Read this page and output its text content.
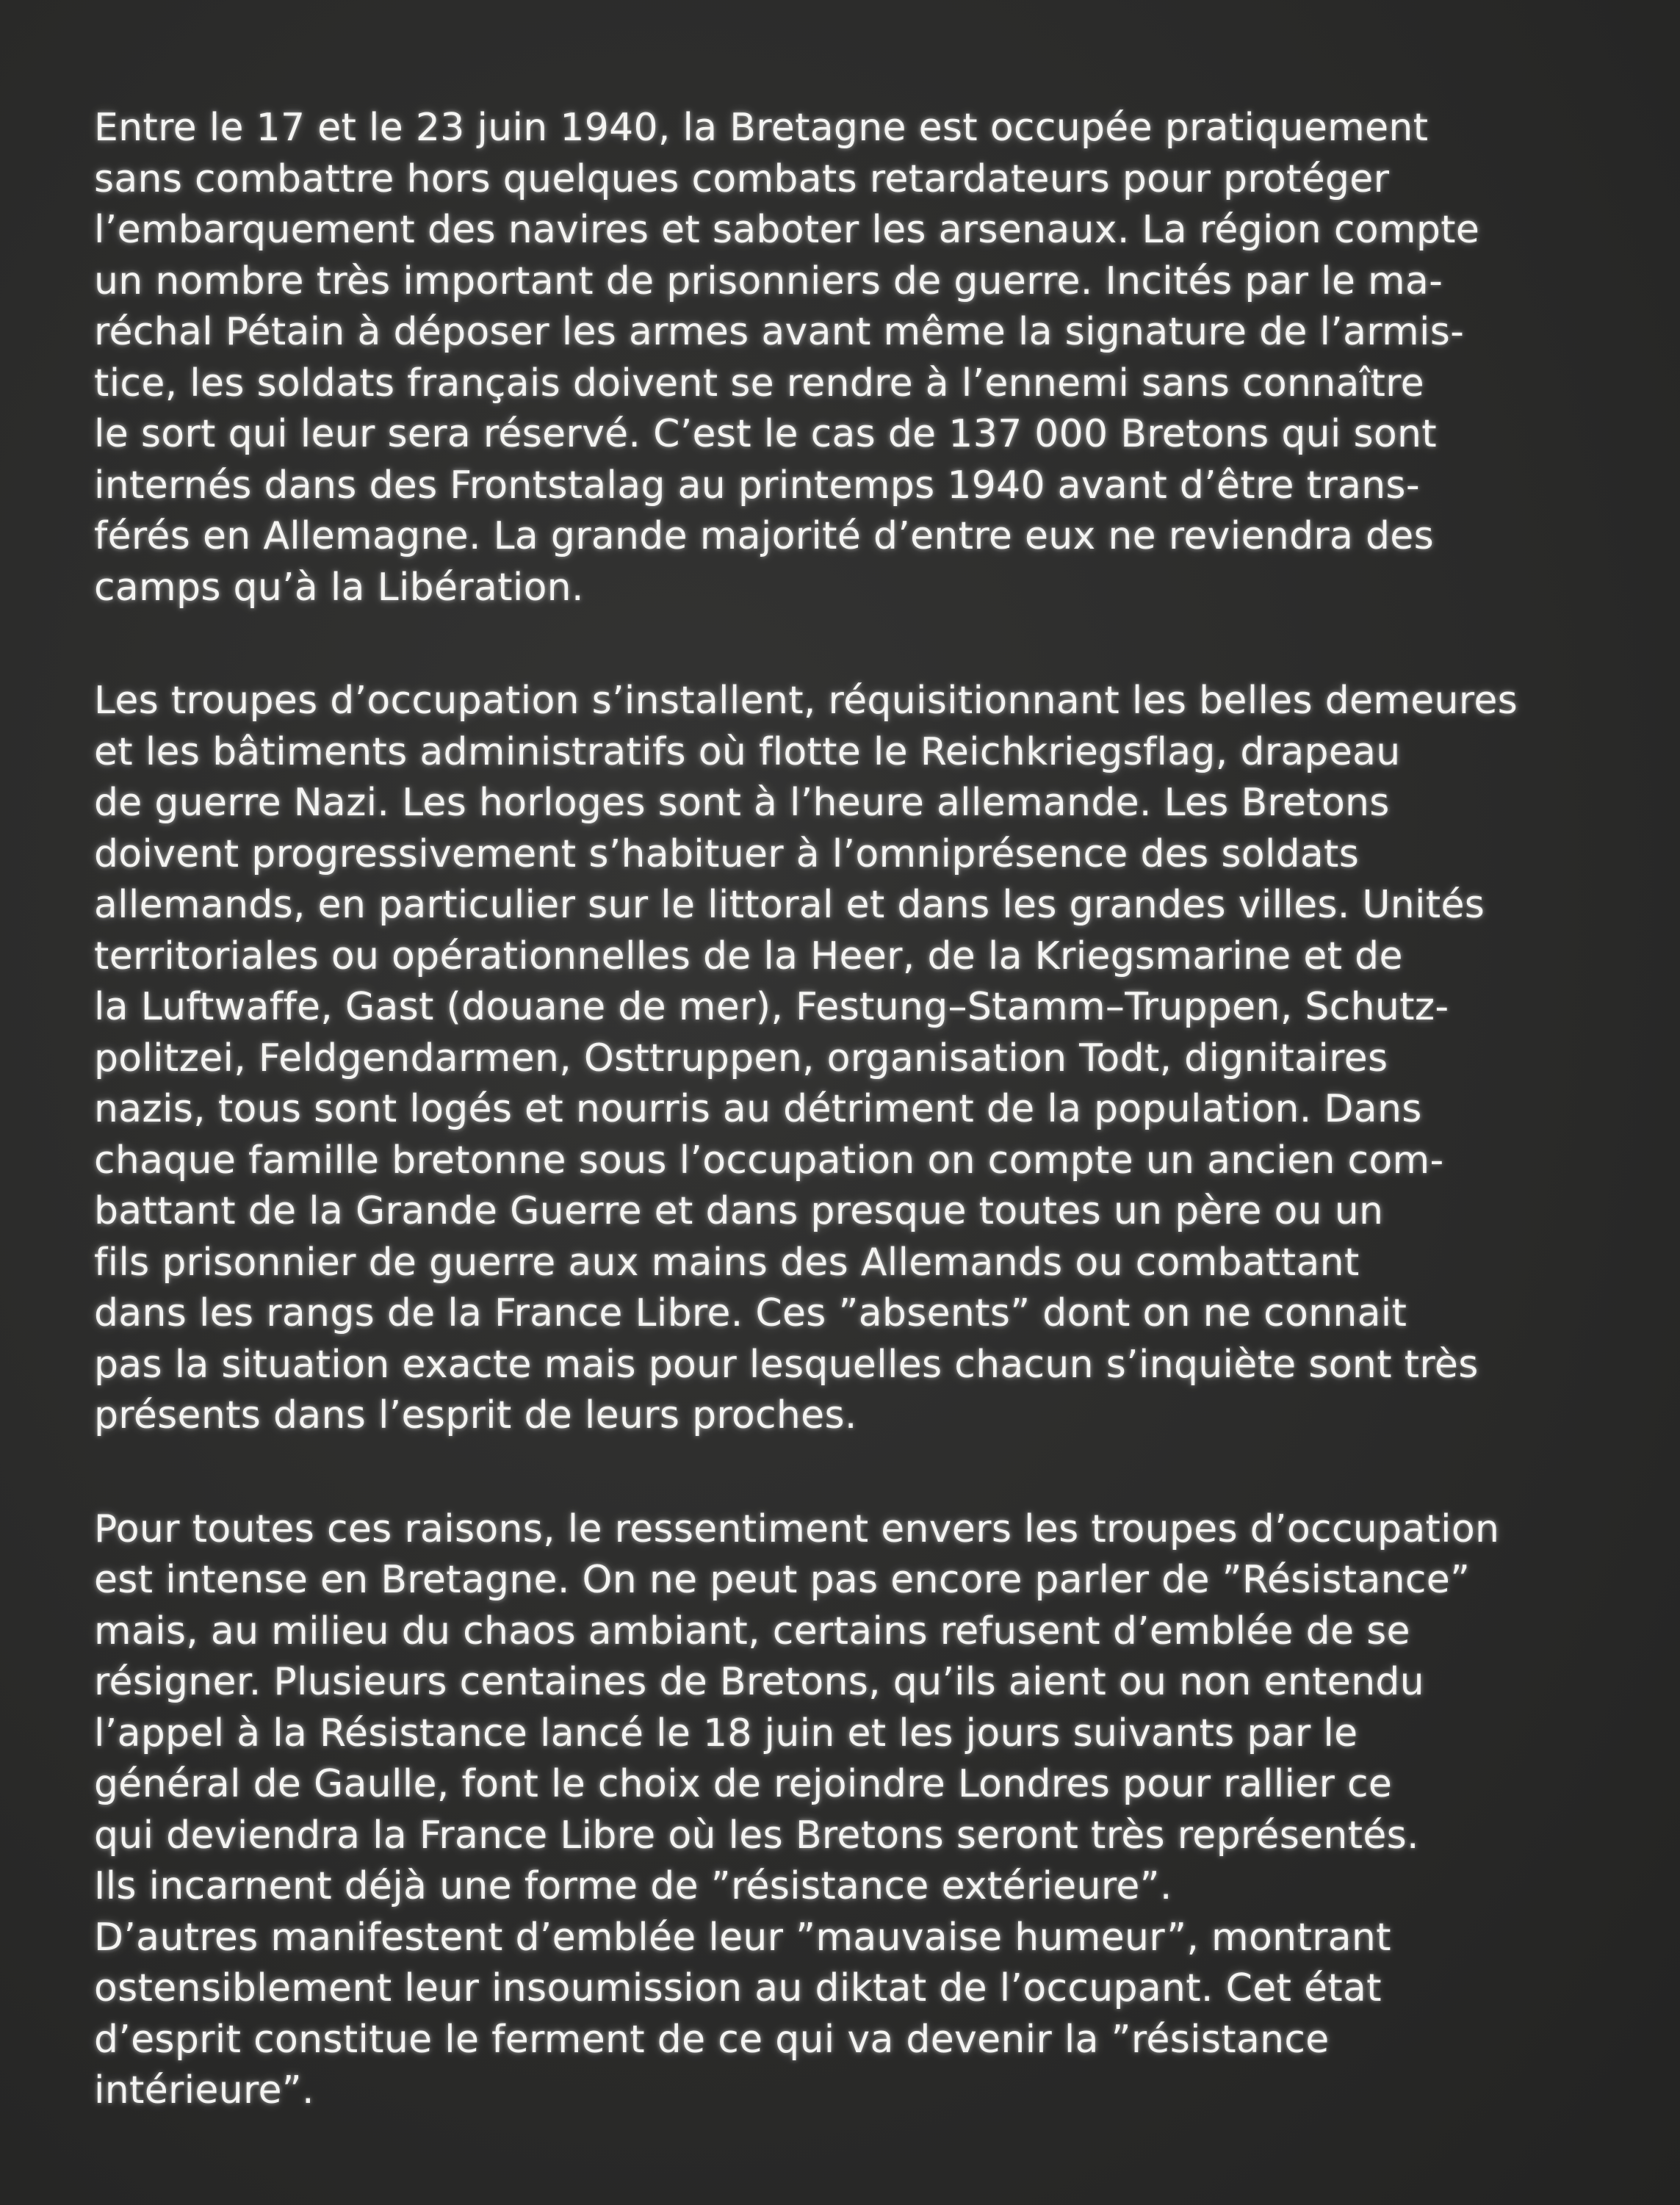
Entre le 17 et le 23 juin 1940, la Bretagne est occupée pratiquement
sans combattre hors quelques combats retardateurs pour protéger
l’embarquement des navires et saboter les arsenaux. La région compte
un nombre très important de prisonniers de guerre. Incités par le ma-
réchal Pétain à déposer les armes avant même la signature de l’armis-
tice, les soldats français doivent se rendre à l’ennemi sans connaître
le sort qui leur sera réservé. C’est le cas de 137 000 Bretons qui sont
internés dans des Frontstalag au printemps 1940 avant d’être trans-
férés en Allemagne. La grande majorité d’entre eux ne reviendra des
camps qu’à la Libération.
Les troupes d’occupation s’installent, réquisitionnant les belles demeures
et les bâtiments administratifs où flotte le Reichkriegsflag, drapeau
de guerre Nazi. Les horloges sont à l’heure allemande. Les Bretons
doivent progressivement s’habituer à l’omniprésence des soldats
allemands, en particulier sur le littoral et dans les grandes villes. Unités
territoriales ou opérationnelles de la Heer, de la Kriegsmarine et de
la Luftwaffe, Gast (douane de mer), Festung–Stamm–Truppen, Schutz-
politzei, Feldgendarmen, Osttruppen, organisation Todt, dignitaires
nazis, tous sont logés et nourris au détriment de la population. Dans
chaque famille bretonne sous l’occupation on compte un ancien com-
battant de la Grande Guerre et dans presque toutes un père ou un
fils prisonnier de guerre aux mains des Allemands ou combattant
dans les rangs de la France Libre. Ces ”absents” dont on ne connait
pas la situation exacte mais pour lesquelles chacun s’inquiète sont très
présents dans l’esprit de leurs proches.
Pour toutes ces raisons, le ressentiment envers les troupes d’occupation
est intense en Bretagne. On ne peut pas encore parler de ”Résistance”
mais, au milieu du chaos ambiant, certains refusent d’emblée de se
résigner. Plusieurs centaines de Bretons, qu’ils aient ou non entendu
l’appel à la Résistance lancé le 18 juin et les jours suivants par le
général de Gaulle, font le choix de rejoindre Londres pour rallier ce
qui deviendra la France Libre où les Bretons seront très représentés.
Ils incarnent déjà une forme de ”résistance extérieure”.
D’autres manifestent d’emblée leur ”mauvaise humeur”, montrant
ostensiblement leur insoumission au diktat de l’occupant. Cet état
d’esprit constitue le ferment de ce qui va devenir la ”résistance
intérieure”.
